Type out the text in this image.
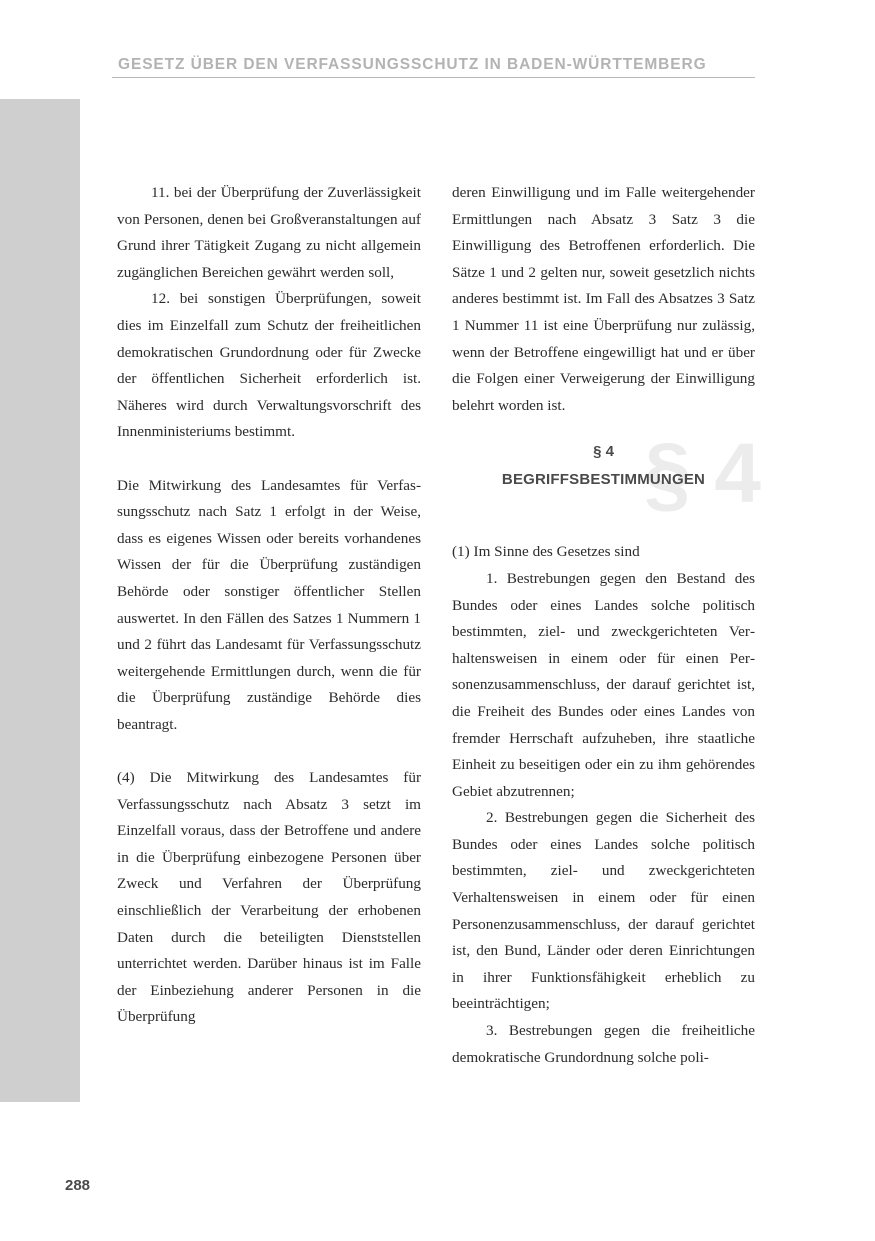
GESETZ ÜBER DEN VERFASSUNGSSCHUTZ IN BADEN-WÜRTTEMBERG

11. bei der Überprüfung der Zuverlässigkeit von Personen, denen bei Großveranstaltungen auf Grund ihrer Tätigkeit Zugang zu nicht allgemein zugänglichen Bereichen gewährt werden soll,

12. bei sonstigen Überprüfungen, soweit dies im Einzelfall zum Schutz der freiheitlichen demokratischen Grundordnung oder für Zwecke der öffentlichen Sicherheit erforderlich ist. Näheres wird durch Verwaltungsvorschrift des Innenministeriums bestimmt.

Die Mitwirkung des Landesamtes für Verfassungsschutz nach Satz 1 erfolgt in der Weise, dass es eigenes Wissen oder bereits vorhandenes Wissen der für die Überprüfung zuständigen Behörde oder sonstiger öffentlicher Stellen auswertet. In den Fällen des Satzes 1 Nummern 1 und 2 führt das Landesamt für Verfassungsschutz weitergehende Ermittlungen durch, wenn die für die Überprüfung zuständige Behörde dies beantragt.

(4) Die Mitwirkung des Landesamtes für Verfassungsschutz nach Absatz 3 setzt im Einzelfall voraus, dass der Betroffene und andere in die Überprüfung einbezogene Personen über Zweck und Verfahren der Überprüfung einschließlich der Verarbeitung der erhobenen Daten durch die beteiligten Dienststellen unterrichtet werden. Darüber hinaus ist im Falle der Einbeziehung anderer Personen in die Überprüfung

deren Einwilligung und im Falle weitergehender Ermittlungen nach Absatz 3 Satz 3 die Einwilligung des Betroffenen erforderlich. Die Sätze 1 und 2 gelten nur, soweit gesetzlich nichts anderes bestimmt ist. Im Fall des Absatzes 3 Satz 1 Nummer 11 ist eine Überprüfung nur zulässig, wenn der Betroffene eingewilligt hat und er über die Folgen einer Verweigerung der Einwilligung belehrt worden ist.

§ 4
§ 4
BEGRIFFSBESTIMMUNGEN

(1) Im Sinne des Gesetzes sind

1. Bestrebungen gegen den Bestand des Bundes oder eines Landes solche politisch bestimmten, ziel- und zweckgerichteten Verhaltensweisen in einem oder für einen Personenzusammenschluss, der darauf gerichtet ist, die Freiheit des Bundes oder eines Landes von fremder Herrschaft aufzuheben, ihre staatliche Einheit zu beseitigen oder ein zu ihm gehörendes Gebiet abzutrennen;

2. Bestrebungen gegen die Sicherheit des Bundes oder eines Landes solche politisch bestimmten, ziel- und zweckgerichteten Verhaltensweisen in einem oder für einen Personenzusammenschluss, der darauf gerichtet ist, den Bund, Länder oder deren Einrichtungen in ihrer Funktionsfähigkeit erheblich zu beeinträchtigen;

3. Bestrebungen gegen die freiheitliche demokratische Grundordnung solche poli-

288
